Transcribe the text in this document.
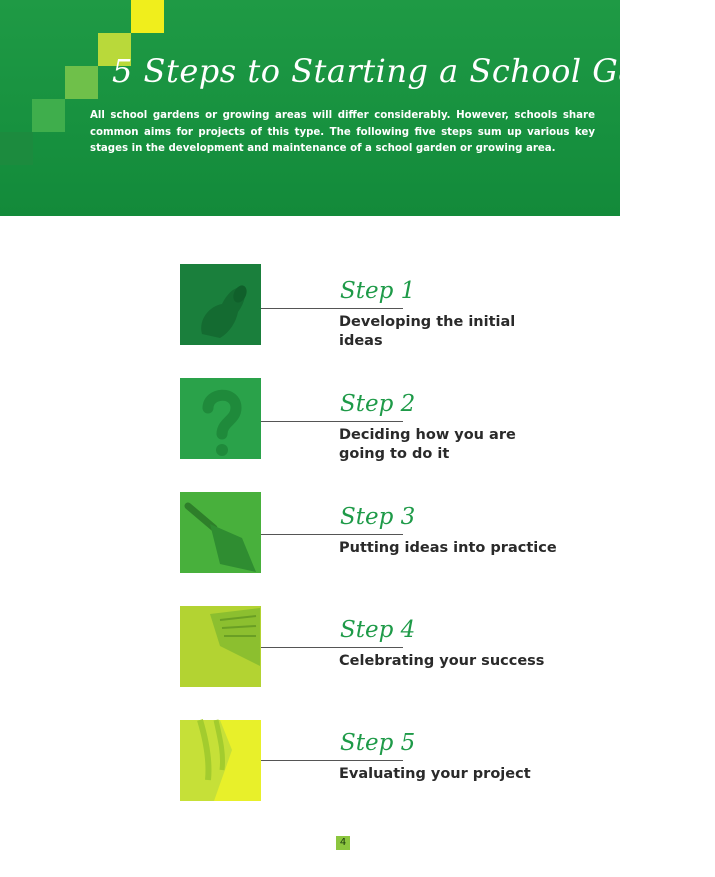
5 Steps to Starting a School Garden
All school gardens or growing areas will differ considerably. However, schools share common aims for projects of this type. The following five steps sum up various key stages in the development and maintenance of a school garden or growing area.
Step 1
Developing the initial ideas
Step 2
Deciding how you are going to do it
Step 3
Putting ideas into practice
Step 4
Celebrating your success
Step 5
Evaluating your project
4
